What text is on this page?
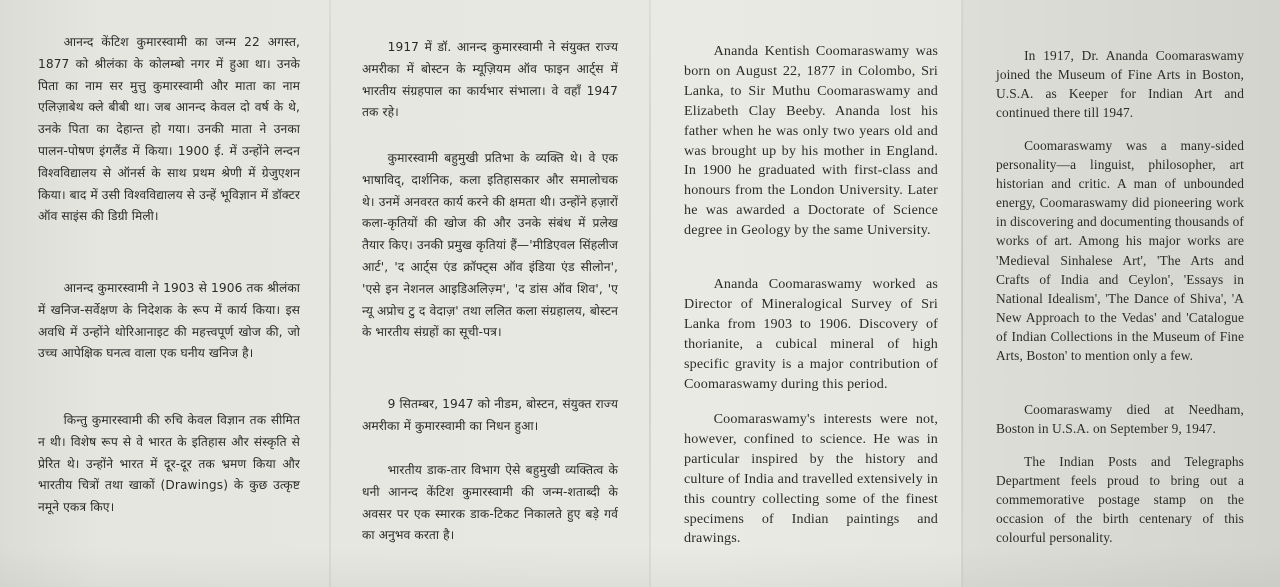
आनन्द केंटिश कुमारस्वामी का जन्म 22 अगस्त, 1877 को श्रीलंका के कोलम्बो नगर में हुआ था। उनके पिता का नाम सर मुत्तु कुमारस्वामी और माता का नाम एलिज़ाबेथ क्ले बीबी था। जब आनन्द केवल दो वर्ष के थे, उनके पिता का देहान्त हो गया। उनकी माता ने उनका पालन-पोषण इंगलैंड में किया। 1900 ई. में उन्होंने लन्दन विश्वविद्यालय से ऑनर्स के साथ प्रथम श्रेणी में ग्रेजुएशन किया। बाद में उसी विश्वविद्यालय से उन्हें भूविज्ञान में डॉक्टर ऑव साइंस की डिग्री मिली।

आनन्द कुमारस्वामी ने 1903 से 1906 तक श्रीलंका में खनिज-सर्वेक्षण के निदेशक के रूप में कार्य किया। इस अवधि में उन्होंने थोरिआनाइट की महत्त्वपूर्ण खोज की, जो उच्च आपेक्षिक घनत्व वाला एक घनीय खनिज है।

किन्तु कुमारस्वामी की रुचि केवल विज्ञान तक सीमित न थी। विशेष रूप से वे भारत के इतिहास और संस्कृति से प्रेरित थे। उन्होंने भारत में दूर-दूर तक भ्रमण किया और भारतीय चित्रों तथा खाकों (Drawings) के कुछ उत्कृष्ट नमूने एकत्र किए।

1917 में डॉ. आनन्द कुमारस्वामी ने संयुक्त राज्य अमरीका में बोस्टन के म्यूज़ियम ऑव फाइन आर्ट्स में भारतीय संग्रहपाल का कार्यभार संभाला। वे वहाँ 1947 तक रहे।

कुमारस्वामी बहुमुखी प्रतिभा के व्यक्ति थे। वे एक भाषाविद्, दार्शनिक, कला इतिहासकार और समालोचक थे। उनमें अनवरत कार्य करने की क्षमता थी। उन्होंने हज़ारों कला-कृतियों की खोज की और उनके संबंध में प्रलेख तैयार किए। उनकी प्रमुख कृतियां हैं—'मीडिएवल सिंहलीज आर्ट', 'द आर्ट्स एंड क्रॉफ्ट्स ऑव इंडिया एंड सीलोन', 'एसे इन नेशनल आइडिअलिज़्म', 'द डांस ऑव शिव', 'ए न्यू अप्रोच टु द वेदाज़' तथा ललित कला संग्रहालय, बोस्टन के भारतीय संग्रहों का सूची-पत्र।

9 सितम्बर, 1947 को नीडम, बोस्टन, संयुक्त राज्य अमरीका में कुमारस्वामी का निधन हुआ।

भारतीय डाक-तार विभाग ऐसे बहुमुखी व्यक्तित्व के धनी आनन्द केंटिश कुमारस्वामी की जन्म-शताब्दी के अवसर पर एक स्मारक डाक-टिकट निकालते हुए बड़े गर्व का अनुभव करता है।

Ananda Kentish Coomaraswamy was born on August 22, 1877 in Colombo, Sri Lanka, to Sir Muthu Coomaraswamy and Elizabeth Clay Beeby. Ananda lost his father when he was only two years old and was brought up by his mother in England. In 1900 he graduated with first-class and honours from the London University. Later he was awarded a Doctorate of Science degree in Geology by the same University.

Ananda Coomaraswamy worked as Director of Mineralogical Survey of Sri Lanka from 1903 to 1906. Discovery of thorianite, a cubical mineral of high specific gravity is a major contribution of Coomaraswamy during this period.

Coomaraswamy's interests were not, however, confined to science. He was in particular inspired by the history and culture of India and travelled extensively in this country collecting some of the finest specimens of Indian paintings and drawings.

In 1917, Dr. Ananda Coomaraswamy joined the Museum of Fine Arts in Boston, U.S.A. as Keeper for Indian Art and continued there till 1947.

Coomaraswamy was a many-sided personality—a linguist, philosopher, art historian and critic. A man of unbounded energy, Coomaraswamy did pioneering work in discovering and documenting thousands of works of art. Among his major works are 'Medieval Sinhalese Art', 'The Arts and Crafts of India and Ceylon', 'Essays in National Idealism', 'The Dance of Shiva', 'A New Approach to the Vedas' and 'Catalogue of Indian Collections in the Museum of Fine Arts, Boston' to mention only a few.

Coomaraswamy died at Needham, Boston in U.S.A. on September 9, 1947.

The Indian Posts and Telegraphs Department feels proud to bring out a commemorative postage stamp on the occasion of the birth centenary of this colourful personality.
